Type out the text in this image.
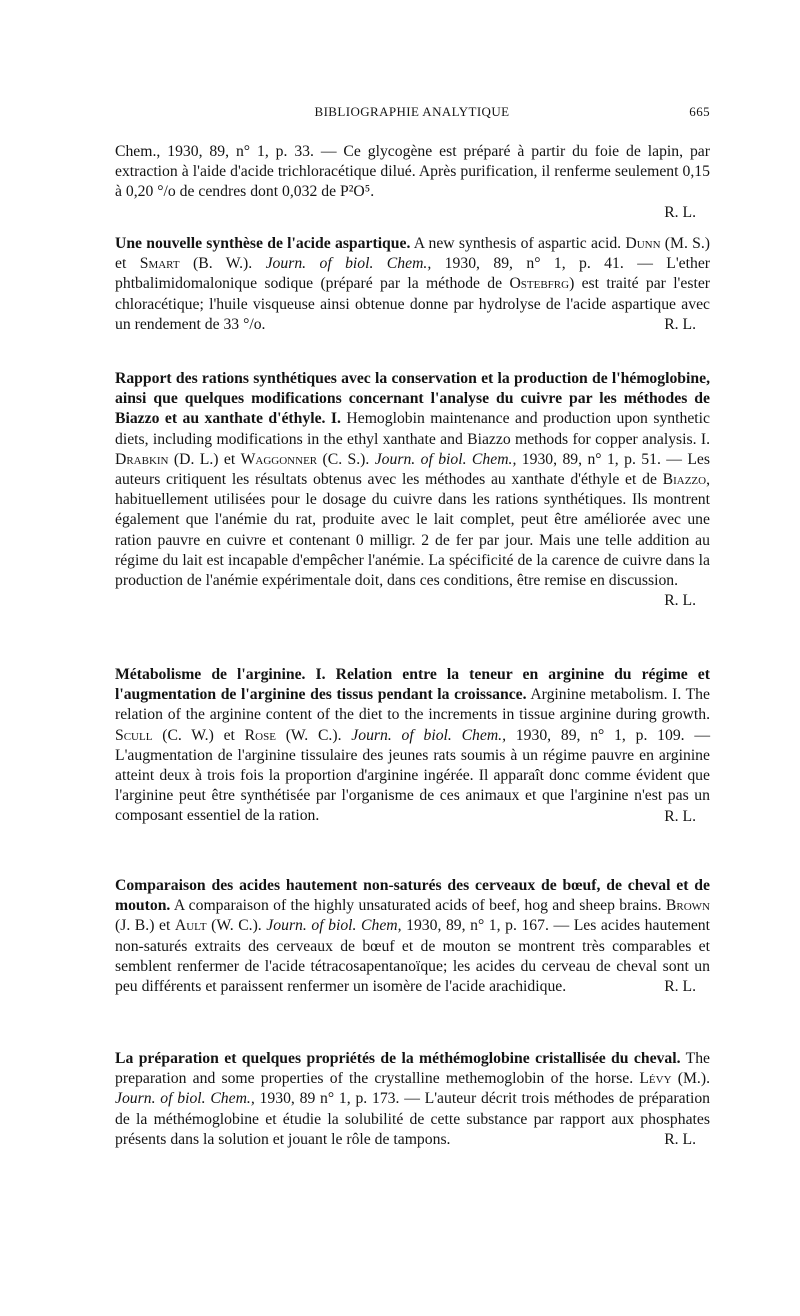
BIBLIOGRAPHIE ANALYTIQUE	665
Chem., 1930, 89, n° 1, p. 33. — Ce glycogène est préparé à partir du foie de lapin, par extraction à l'aide d'acide trichloracétique dilué. Après purification, il renferme seulement 0,15 à 0,20 °/o de cendres dont 0,032 de P²O⁵.
R. L.
Une nouvelle synthèse de l'acide aspartique. A new synthesis of aspartic acid. Dunn (M. S.) et Smart (B. W.). Journ. of biol. Chem., 1930, 89, n° 1, p. 41. — L'ether phtbalimidomalonique sodique (préparé par la méthode de Ostebfrg) est traité par l'ester chloracétique; l'huile visqueuse ainsi obtenue donne par hydrolyse de l'acide aspartique avec un rendement de 33 °/o.	R. L.
Rapport des rations synthétiques avec la conservation et la production de l'hémoglobine, ainsi que quelques modifications concernant l'analyse du cuivre par les méthodes de Biazzo et au xanthate d'éthyle. I. Hemoglobin maintenance and production upon synthetic diets, including modifications in the ethyl xanthate and Biazzo methods for copper analysis. I. Drabkin (D. L.) et Waggonner (C. S.). Journ. of biol. Chem., 1930, 89, n° 1, p. 51. — Les auteurs critiquent les résultats obtenus avec les méthodes au xanthate d'éthyle et de Biazzo, habituellement utilisées pour le dosage du cuivre dans les rations synthétiques. Ils montrent également que l'anémie du rat, produite avec le lait complet, peut être améliorée avec une ration pauvre en cuivre et contenant 0 milligr. 2 de fer par jour. Mais une telle addition au régime du lait est incapable d'empêcher l'anémie. La spécificité de la carence de cuivre dans la production de l'anémie expérimentale doit, dans ces conditions, être remise en discussion.
R. L.
Métabolisme de l'arginine. I. Relation entre la teneur en arginine du régime et l'augmentation de l'arginine des tissus pendant la croissance. Arginine metabolism. I. The relation of the arginine content of the diet to the increments in tissue arginine during growth. Scull (C. W.) et Rose (W. C.). Journ. of biol. Chem., 1930, 89, n° 1, p. 109. — L'augmentation de l'arginine tissulaire des jeunes rats soumis à un régime pauvre en arginine atteint deux à trois fois la proportion d'arginine ingérée. Il apparaît donc comme évident que l'arginine peut être synthétisée par l'organisme de ces animaux et que l'arginine n'est pas un composant essentiel de la ration.	R. L.
Comparaison des acides hautement non-saturés des cerveaux de bœuf, de cheval et de mouton. A comparaison of the highly unsaturated acids of beef, hog and sheep brains. Brown (J. B.) et Ault (W. C.). Journ. of biol. Chem, 1930, 89, n° 1, p. 167. — Les acides hautement non-saturés extraits des cerveaux de bœuf et de mouton se montrent très comparables et semblent renfermer de l'acide tétracosapentanoïque; les acides du cerveau de cheval sont un peu différents et paraissent renfermer un isomère de l'acide arachidique.	R. L.
La préparation et quelques propriétés de la méthémoglobine cristallisée du cheval. The preparation and some properties of the crystalline methemoglobin of the horse. Lévy (M.). Journ. of biol. Chem., 1930, 89 n° 1, p. 173. — L'auteur décrit trois méthodes de préparation de la méthémoglobine et étudie la solubilité de cette substance par rapport aux phosphates présents dans la solution et jouant le rôle de tampons.	R. L.
